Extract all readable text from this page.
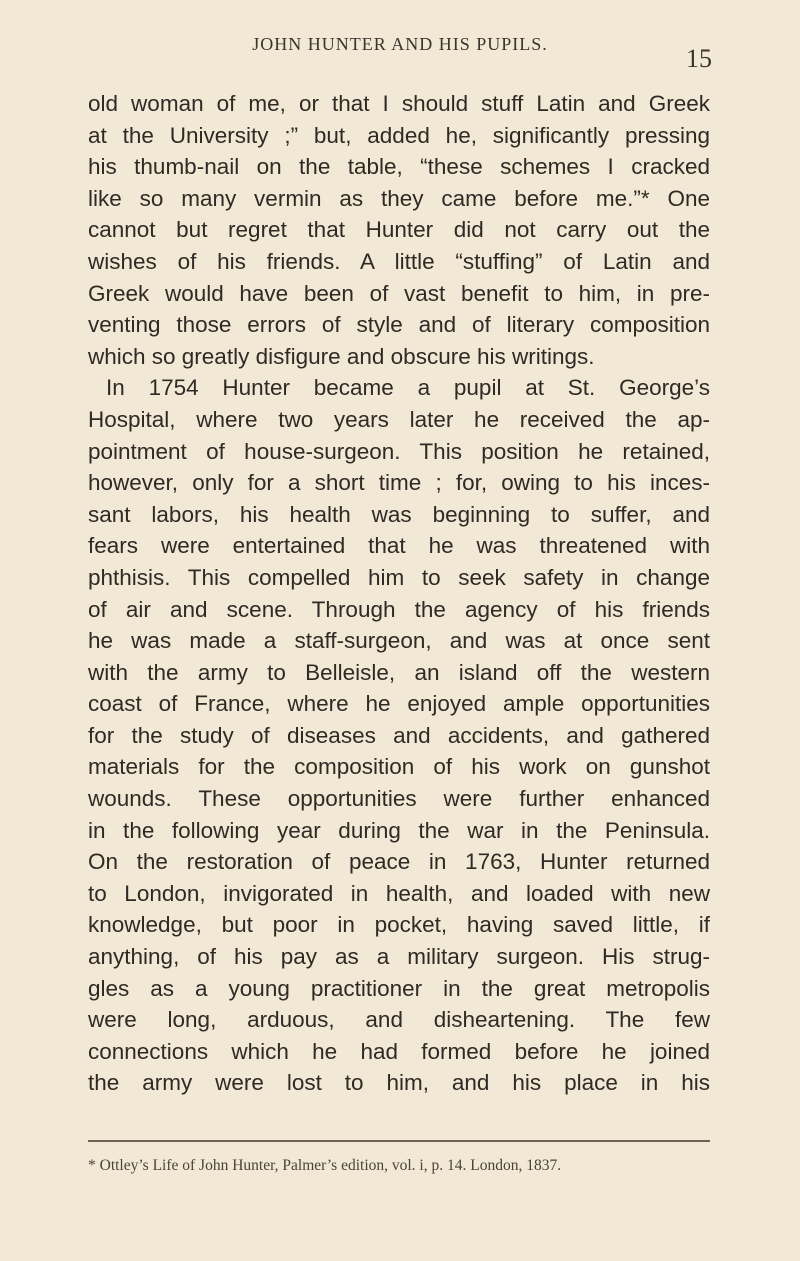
JOHN HUNTER AND HIS PUPILS.	15
old woman of me, or that I should stuff Latin and Greek
at the University ;” but, added he, significantly pressing
his thumb-nail on the table, “these schemes I cracked
like so many vermin as they came before me.”* One
cannot but regret that Hunter did not carry out the
wishes of his friends. A little “stuffing” of Latin and
Greek would have been of vast benefit to him, in pre-
venting those errors of style and of literary composition
which so greatly disfigure and obscure his writings.
In 1754 Hunter became a pupil at St. George’s
Hospital, where two years later he received the ap-
pointment of house-surgeon. This position he retained,
however, only for a short time ; for, owing to his inces-
sant labors, his health was beginning to suffer, and
fears were entertained that he was threatened with
phthisis. This compelled him to seek safety in change
of air and scene. Through the agency of his friends
he was made a staff-surgeon, and was at once sent
with the army to Belleisle, an island off the western
coast of France, where he enjoyed ample opportunities
for the study of diseases and accidents, and gathered
materials for the composition of his work on gunshot
wounds. These opportunities were further enhanced
in the following year during the war in the Peninsula.
On the restoration of peace in 1763, Hunter returned
to London, invigorated in health, and loaded with new
knowledge, but poor in pocket, having saved little, if
anything, of his pay as a military surgeon. His strug-
gles as a young practitioner in the great metropolis
were long, arduous, and disheartening. The few
connections which he had formed before he joined
the army were lost to him, and his place in his
* Ottley’s Life of John Hunter, Palmer’s edition, vol. i, p. 14. London, 1837.
